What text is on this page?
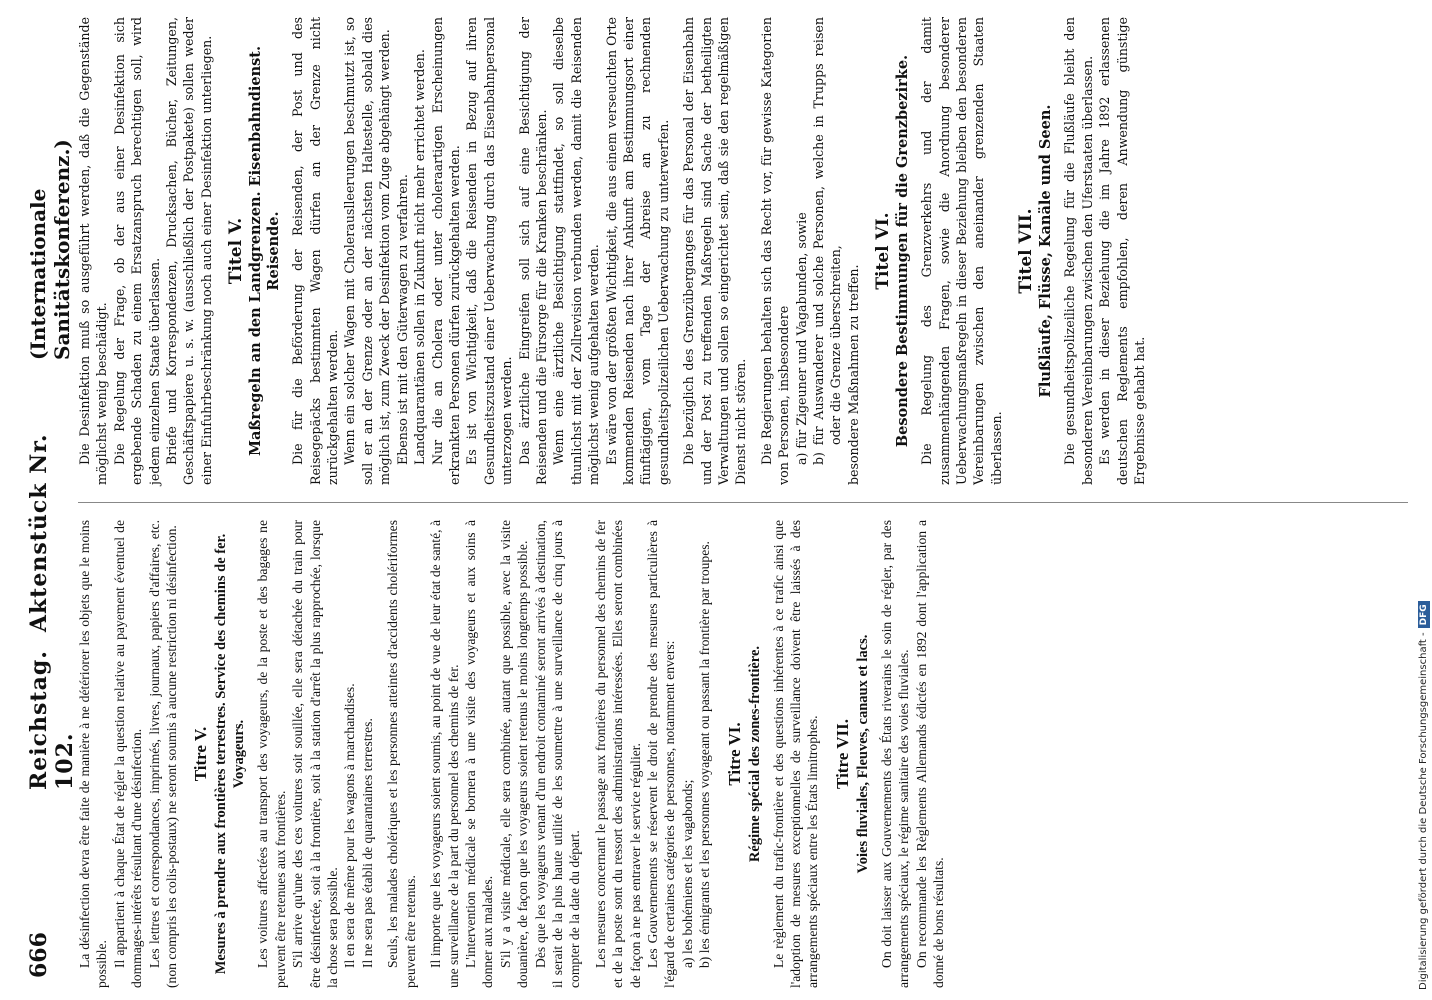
666
Reichstag.Aktenstück Nr. 102.
(Internationale Sanitätskonferenz.)

La désinfection devra être faite de manière à ne détériorer les objets que le moins possible. Il appartient à chaque État de régler la question relative au payement éventuel de dommages-intérêts résultant d'une désinfection. Les lettres et correspondances, imprimés, livres, journaux, papiers d'affaires, etc. (non compris les colis-postaux) ne seront soumis à aucune restriction ni désinfection. Titre V. Mesures à prendre aux frontières terrestres. Service des chemins de fer. Voyageurs. Les voitures affectées au transport des voyageurs, de la poste et des bagages ne peuvent être retenues aux frontières. S'il arrive qu'une des ces voitures soit souillée, elle sera détachée du train pour être désinfectée, soit à la frontière, soit à la station d'arrêt la plus rapprochée, lorsque la chose sera possible. Il en sera de même pour les wagons à marchandises. Il ne sera pas établi de quarantaines terrestres. Seuls, les malades cholériques et les personnes atteintes d'accidents cholériformes peuvent être retenus. Il importe que les voyageurs soient soumis, au point de vue de leur état de santé, à une surveillance de la part du personnel des chemins de fer. L'intervention médicale se bornera à une visite des voyageurs et aux soins à donner aux malades. S'il y a visite médicale, elle sera combinée, autant que possible, avec la visite douanière, de façon que les voyageurs soient retenus le moins longtemps possible. Dès que les voyageurs venant d'un endroit contaminé seront arrivés à destination, il serait de la plus haute utilité de les soumettre à une surveillance de cinq jours à compter de la date du départ. Les mesures concernant le passage aux frontières du personnel des chemins de fer et de la poste sont du ressort des administrations intéressées. Elles seront combinées de façon à ne pas entraver le service régulier. Les Gouvernements se réservent le droit de prendre des mesures particulières à l'égard de certaines catégories de personnes, notamment envers: a) les bohémiens et les vagabonds; b) les émigrants et les personnes voyageant ou passant la frontière par troupes. Titre VI. Régime spécial des zones-frontière. Le règlement du trafic-frontière et des questions inhérentes à ce trafic ainsi que l'adoption de mesures exceptionnelles de surveillance doivent être laissés à des arrangements spéciaux entre les États limitrophes. Titre VII. Voies fluviales, Fleuves, canaux et lacs. On doit laisser aux Gouvernements des États riverains le soin de régler, par des arrangements spéciaux, le régime sanitaire des voies fluviales. On recommande les Règlements Allemands édictés en 1892 dont l'application a donné de bons résultats.

Die Desinfektion muß so ausgeführt werden, daß die Gegenstände möglichst wenig beschädigt. Die Regelung der Frage, ob der aus einer Desinfektion sich ergebende Schaden zu einem Ersatzanspruch berechtigen soll, wird jedem einzelnen Staate überlassen. Briefe und Korrespondenzen, Drucksachen, Bücher, Zeitungen, Geschäftspapiere u. s. w. (ausschließlich der Postpakete) sollen weder einer Einfuhrbeschränkung noch auch einer Desinfektion unterliegen. Titel V. Maßregeln an den Landgrenzen. Eisenbahndienst. Reisende. Die für die Beförderung der Reisenden, der Post und des Reisegepäcks bestimmten Wagen dürfen an der Grenze nicht zurückgehalten werden. Wenn ein solcher Wagen mit Cholerauslleerungen beschmutzt ist, so soll er an der Grenze oder an der nächsten Haltestelle, sobald dies möglich ist, zum Zweck der Desinfektion vom Zuge abgehängt werden. Ebenso ist mit den Güterwagen zu verfahren. Landquarantänen sollen in Zukunft nicht mehr errichtet werden. Nur die an Cholera oder unter choleraartigen Erscheinungen erkrankten Personen dürfen zurückgehalten werden. Es ist von Wichtigkeit, daß die Reisenden in Bezug auf ihren Gesundheitszustand einer Ueberwachung durch das Eisenbahnpersonal unterzogen werden. Das ärztliche Eingreifen soll sich auf eine Besichtigung der Reisenden und die Fürsorge für die Kranken beschränken. Wenn eine ärztliche Besichtigung stattfindet, so soll dieselbe thunlichst mit der Zollrevision verbunden werden, damit die Reisenden möglichst wenig aufgehalten werden. Es wäre von der größten Wichtigkeit, die aus einem verseuchten Orte kommenden Reisenden nach ihrer Ankunft am Bestimmungsort einer fünftägigen, vom Tage der Abreise an zu rechnenden gesundheitspolizeilichen Ueberwachung zu unterwerfen. Die bezüglich des Grenzüberganges für das Personal der Eisenbahn und der Post zu treffenden Maßregeln sind Sache der betheiligten Verwaltungen und sollen so eingerichtet sein, daß sie den regelmäßigen Dienst nicht stören. Die Regierungen behalten sich das Recht vor, für gewisse Kategorien von Personen, insbesondere a) für Zigeuner und Vagabunden, sowie b) für Auswanderer und solche Personen, welche in Trupps reisen oder die Grenze überschreiten, besondere Maßnahmen zu treffen.

Titel VI. Besondere Bestimmungen für die Grenzbezirke. Die Regelung des Grenzverkehrs und der damit zusammenhängenden Fragen, sowie die Anordnung besonderer Ueberwachungsmaßregeln in dieser Beziehung bleiben den besonderen Vereinbarungen zwischen den aneinander grenzenden Staaten überlassen.

Titel VII. Flußläufe, Flüsse, Kanäle und Seen. Die gesundheitspolizeiliche Regelung für die Flußläufe bleibt den besonderen Vereinbarungen zwischen den Uferstaaten überlassen. Es werden in dieser Beziehung die im Jahre 1892 erlassenen deutschen Reglements empfohlen, deren Anwendung günstige Ergebnisse gehabt hat.

Digitalisierung gefördert durch die Deutsche Forschungsgemeinschaft -DFG
